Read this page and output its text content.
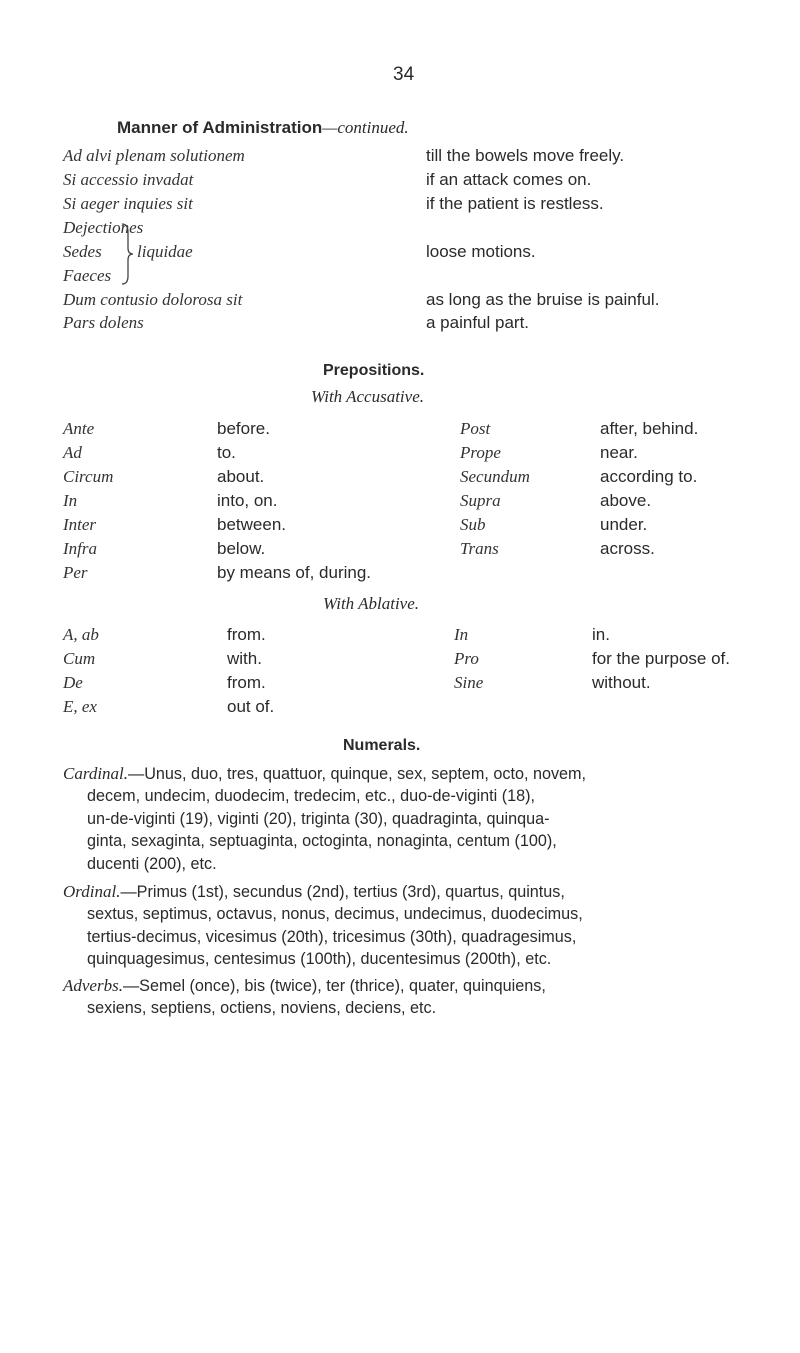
34
Manner of Administration—continued.
Ad alvi plenam solutionem	till the bowels move freely.
Si accessio invadat	if an attack comes on.
Si aeger inquies sit	if the patient is restless.
Dejectiones
Sedes
Faeces
liquidae	loose motions.
Dum contusio dolorosa sit	as long as the bruise is painful.
Pars dolens	a painful part.
Prepositions.
With Accusative.
Ante	before.	Post	after, behind.
Ad	to.	Prope	near.
Circum	about.	Secundum	according to.
In	into, on.	Supra	above.
Inter	between.	Sub	under.
Infra	below.	Trans	across.
Per	by means of, during.
With Ablative.
A, ab	from.	In	in.
Cum	with.	Pro	for the purpose of.
De	from.	Sine	without.
E, ex	out of.
Numerals.
Cardinal.—Unus, duo, tres, quattuor, quinque, sex, septem, octo, novem,
decem, undecim, duodecim, tredecim, etc., duo-de-viginti (18),
un-de-viginti (19), viginti (20), triginta (30), quadraginta, quinqua-
ginta, sexaginta, septuaginta, octoginta, nonaginta, centum (100),
ducenti (200), etc.
Ordinal.—Primus (1st), secundus (2nd), tertius (3rd), quartus, quintus,
sextus, septimus, octavus, nonus, decimus, undecimus, duodecimus,
tertius-decimus, vicesimus (20th), tricesimus (30th), quadragesimus,
quinquagesimus, centesimus (100th), ducentesimus (200th), etc.
Adverbs.—Semel (once), bis (twice), ter (thrice), quater, quinquiens,
sexiens, septiens, octiens, noviens, deciens, etc.
